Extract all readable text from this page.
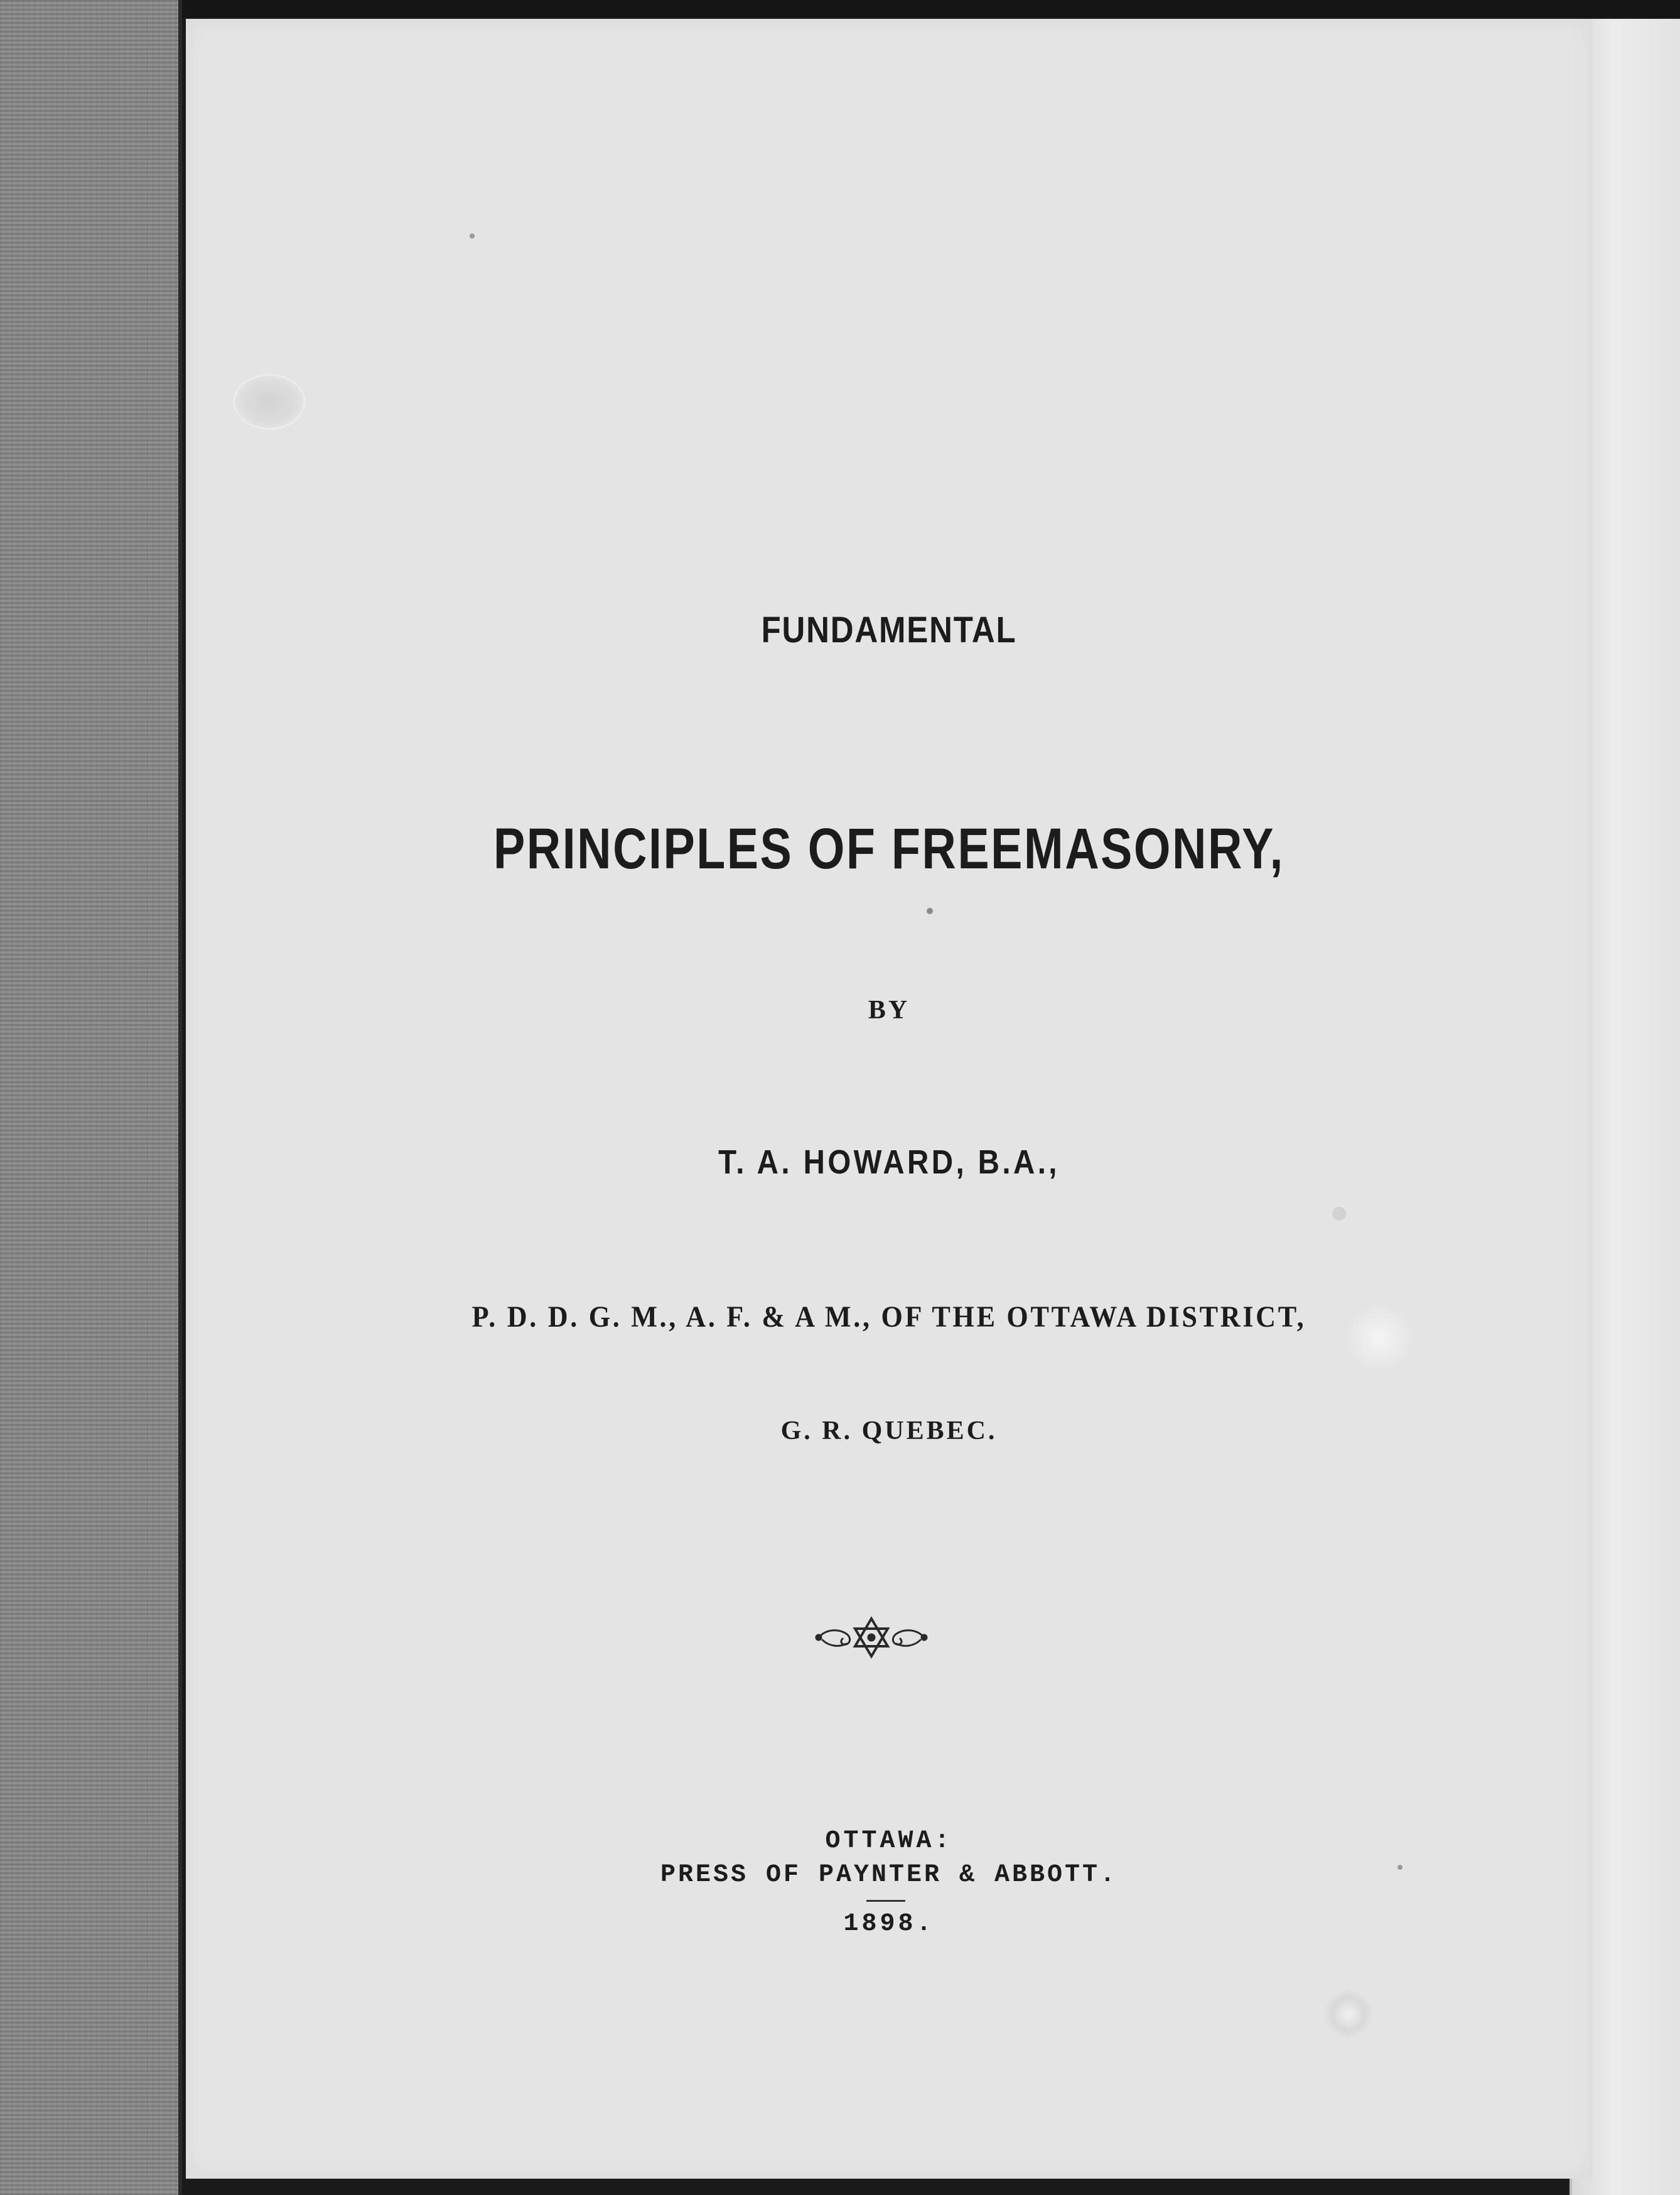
FUNDAMENTAL
PRINCIPLES OF FREEMASONRY,
BY
T. A. HOWARD, B.A.,
P. D. D. G. M., A. F. & A M., OF THE OTTAWA DISTRICT,
G. R. QUEBEC.
OTTAWA:
PRESS OF PAYNTER & ABBOTT.
1898.
